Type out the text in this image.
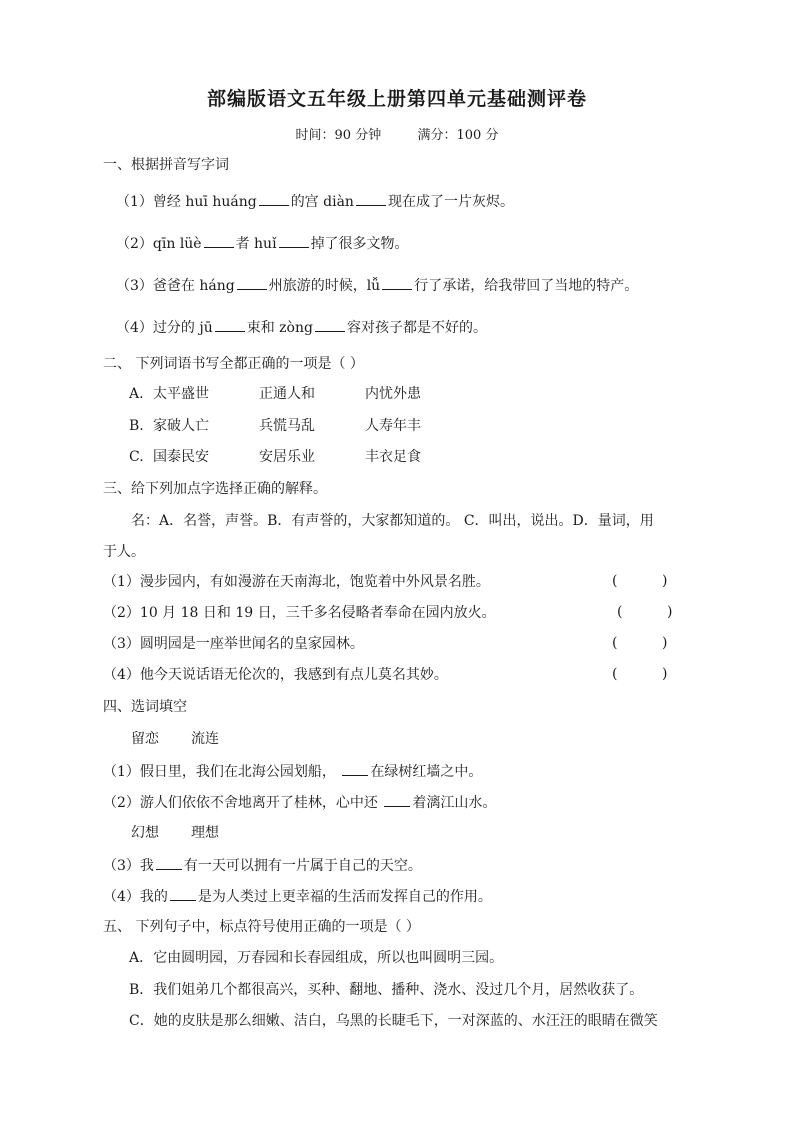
部编版语文五年级上册第四单元基础测评卷
时间：90 分钟	满分：100 分
一、根据拼音写字词
（1）曾经 huī huáng 的宫 diàn 现在成了一片灰烬。
（2）qīn lüè 者 huǐ 掉了很多文物。
（3）爸爸在 háng 州旅游的时候，lǚ 行了承诺，给我带回了当地的特产。
（4）过分的 jū 束和 zòng 容对孩子都是不好的。
二、 下列词语书写全都正确的一项是（ ）
A. 太平盛世	正通人和	内忧外患
B. 家破人亡	兵慌马乱	人寿年丰
C. 国泰民安	安居乐业	丰衣足食
三、给下列加点字选择正确的解释。
名：A．名誉，声誉。B．有声誉的，大家都知道的。 C．叫出，说出。D．量词，用
于人。
（1）漫步园内，有如漫游在天南海北，饱览着中外风景名胜。	(          )
（2）10 月 18 日和 19 日，三千多名侵略者奉命在园内放火。	(          )
（3）圆明园是一座举世闻名的皇家园林。	(          )
（4）他今天说话语无伦次的，我感到有点儿莫名其妙。	(          )
四、选词填空
留恋 流连
（1）假日里，我们在北海公园划船， 在绿树红墙之中。
（2）游人们依依不舍地离开了桂林，心中还 着漓江山水。
幻想 理想
（3）我 有一天可以拥有一片属于自己的天空。
（4）我的 是为人类过上更幸福的生活而发挥自己的作用。
五、 下列句子中，标点符号使用正确的一项是（ ）
A．它由圆明园，万春园和长春园组成，所以也叫圆明三园。
B．我们姐弟几个都很高兴，买种、翻地、播种、浇水、没过几个月，居然收获了。
C．她的皮肤是那么细嫩、洁白，乌黑的长睫毛下，一对深蓝的、水汪汪的眼睛在微笑
